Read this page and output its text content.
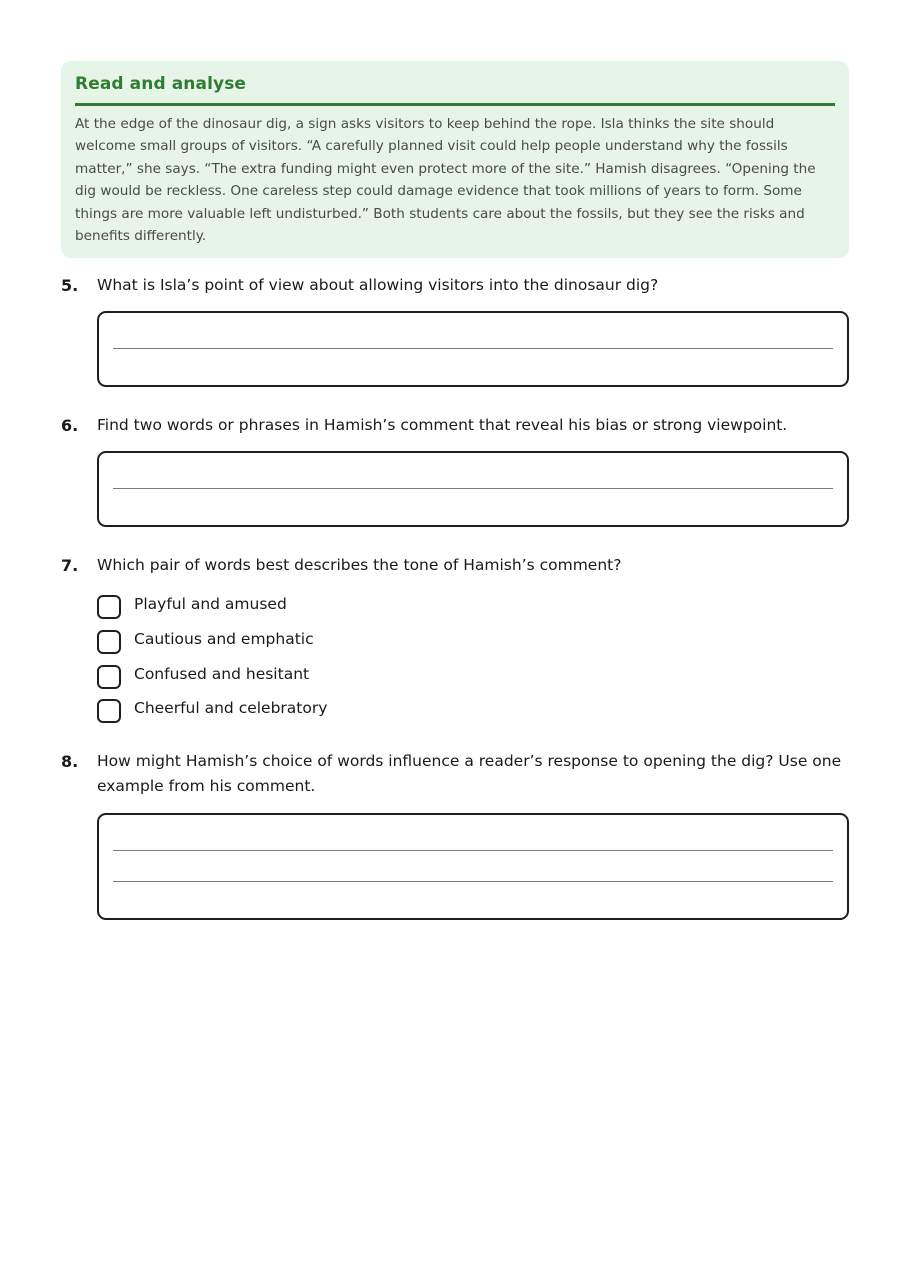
Read and analyse

At the edge of the dinosaur dig, a sign asks visitors to keep behind the rope. Isla thinks the site should welcome small groups of visitors. “A carefully planned visit could help people understand why the fossils matter,” she says. “The extra funding might even protect more of the site.” Hamish disagrees. “Opening the dig would be reckless. One careless step could damage evidence that took millions of years to form. Some things are more valuable left undisturbed.” Both students care about the fossils, but they see the risks and benefits differently.

5. What is Isla’s point of view about allowing visitors into the dinosaur dig?

6. Find two words or phrases in Hamish’s comment that reveal his bias or strong viewpoint.

7. Which pair of words best describes the tone of Hamish’s comment?

Playful and amused
Cautious and emphatic
Confused and hesitant
Cheerful and celebratory
8. How might Hamish’s choice of words influence a reader’s response to opening the dig? Use one example from his comment.
